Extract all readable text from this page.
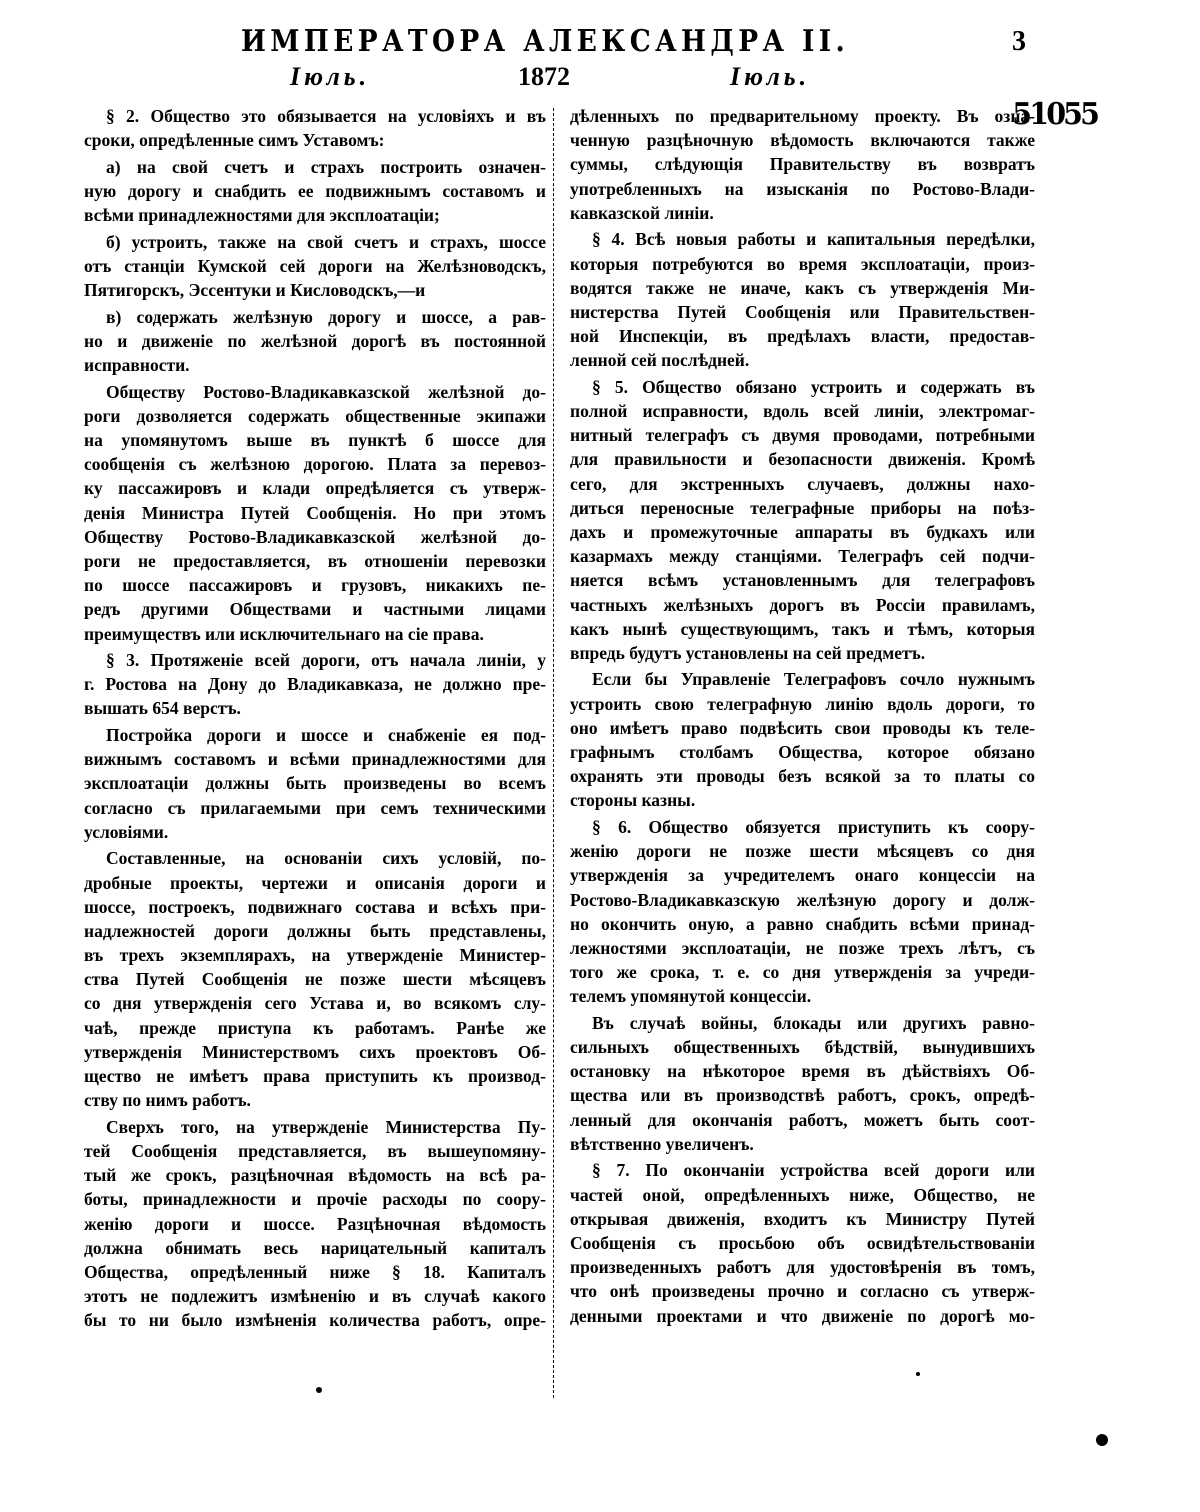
ИМПЕРАТОРА АЛЕКСАНДРА II.	3
Іюль.	1872	Іюль.
51055
§ 2. Общество это обязывается на условіяхъ и въ
сроки, опредѣленные симъ Уставомъ:
а) на свой счетъ и страхъ построить означен-
ную дорогу и снабдить ее подвижнымъ составомъ и
всѣми принадлежностями для эксплоатаціи;
б) устроить, также на свой счетъ и страхъ, шоссе
отъ станціи Кумской сей дороги на Желѣзноводскъ,
Пятигорскъ, Эссентуки и Кисловодскъ,—и
в) содержать желѣзную дорогу и шоссе, а рав-
но и движеніе по желѣзной дорогѣ въ постоянной
исправности.
Обществу Ростово-Владикавказской желѣзной до-
роги дозволяется содержать общественные экипажи
на упомянутомъ выше въ пунктѣ б шоссе для
сообщенія съ желѣзною дорогою. Плата за перевоз-
ку пассажировъ и клади опредѣляется съ утверж-
денія Министра Путей Сообщенія. Но при этомъ
Обществу Ростово-Владикавказской желѣзной до-
роги не предоставляется, въ отношеніи перевозки
по шоссе пассажировъ и грузовъ, никакихъ пе-
редъ другими Обществами и частными лицами
преимуществъ или исключительнаго на сіе права.
§ 3. Протяженіе всей дороги, отъ начала линіи, у
г. Ростова на Дону до Владикавказа, не должно пре-
вышать 654 верстъ.
Постройка дороги и шоссе и снабженіе ея под-
вижнымъ составомъ и всѣми принадлежностями для
эксплоатаціи должны быть произведены во всемъ
согласно съ прилагаемыми при семъ техническими
условіями.
Составленные, на основаніи сихъ условій, по-
дробные проекты, чертежи и описанія дороги и
шоссе, построекъ, подвижнаго состава и всѣхъ при-
надлежностей дороги должны быть представлены,
въ трехъ экземплярахъ, на утвержденіе Министер-
ства Путей Сообщенія не позже шести мѣсяцевъ
со дня утвержденія сего Устава и, во всякомъ слу-
чаѣ, прежде приступа къ работамъ. Ранѣе же
утвержденія Министерствомъ сихъ проектовъ Об-
щество не имѣетъ права приступить къ производ-
ству по нимъ работъ.
Сверхъ того, на утвержденіе Министерства Пу-
тей Сообщенія представляется, въ вышеупомяну-
тый же срокъ, разцѣночная вѣдомость на всѣ ра-
боты, принадлежности и прочіе расходы по соору-
женію дороги и шоссе. Разцѣночная вѣдомость
должна обнимать весь нарицательный капиталъ
Общества, опредѣленный ниже § 18. Капиталъ
этотъ не подлежитъ измѣненію и въ случаѣ какого
бы то ни было измѣненія количества работъ, опре-
дѣленныхъ по предварительному проекту. Въ озна-
ченную разцѣночную вѣдомость включаются также
суммы, слѣдующія Правительству въ возвратъ
употребленныхъ на изысканія по Ростово-Влади-
кавказской линіи.
§ 4. Всѣ новыя работы и капитальныя передѣлки,
которыя потребуются во время эксплоатаціи, произ-
водятся также не иначе, какъ съ утвержденія Ми-
нистерства Путей Сообщенія или Правительствен-
ной Инспекціи, въ предѣлахъ власти, предостав-
ленной сей послѣдней.
§ 5. Общество обязано устроить и содержать въ
полной исправности, вдоль всей линіи, электромаг-
нитный телеграфъ съ двумя проводами, потребными
для правильности и безопасности движенія. Кромѣ
сего, для экстренныхъ случаевъ, должны нахо-
диться переносные телеграфные приборы на поѣз-
дахъ и промежуточные аппараты въ будкахъ или
казармахъ между станціями. Телеграфъ сей подчи-
няется всѣмъ установленнымъ для телеграфовъ
частныхъ желѣзныхъ дорогъ въ Россіи правиламъ,
какъ нынѣ существующимъ, такъ и тѣмъ, которыя
впредь будутъ установлены на сей предметъ.
Если бы Управленіе Телеграфовъ сочло нужнымъ
устроить свою телеграфную линію вдоль дороги, то
оно имѣетъ право подвѣсить свои проводы къ теле-
графнымъ столбамъ Общества, которое обязано
охранять эти проводы безъ всякой за то платы со
стороны казны.
§ 6. Общество обязуется приступить къ соору-
женію дороги не позже шести мѣсяцевъ со дня
утвержденія за учредителемъ онаго концессіи на
Ростово-Владикавказскую желѣзную дорогу и долж-
но окончить оную, а равно снабдить всѣми принад-
лежностями эксплоатаціи, не позже трехъ лѣтъ, съ
того же срока, т. е. со дня утвержденія за учреди-
телемъ упомянутой концессіи.
Въ случаѣ войны, блокады или другихъ равно-
сильныхъ общественныхъ бѣдствій, вынудившихъ
остановку на нѣкоторое время въ дѣйствіяхъ Об-
щества или въ производствѣ работъ, срокъ, опредѣ-
ленный для окончанія работъ, можетъ быть соот-
вѣтственно увеличенъ.
§ 7. По окончаніи устройства всей дороги или
частей оной, опредѣленныхъ ниже, Общество, не
открывая движенія, входитъ къ Министру Путей
Сообщенія съ просьбою объ освидѣтельствованіи
произведенныхъ работъ для удостовѣренія въ томъ,
что онѣ произведены прочно и согласно съ утверж-
денными проектами и что движеніе по дорогѣ мо-
